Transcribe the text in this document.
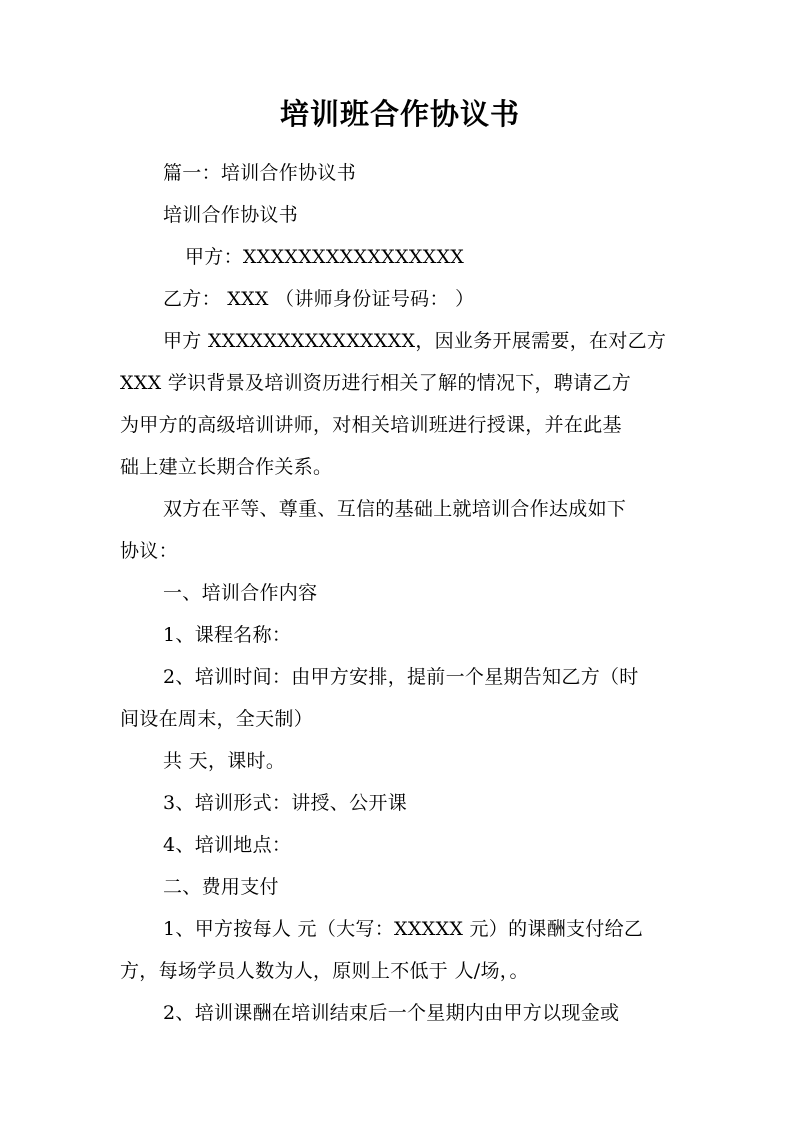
培训班合作协议书
篇一：培训合作协议书
培训合作协议书
甲方：XXXXXXXXXXXXXXXX
乙方： XXX （讲师身份证号码： ）
甲方 XXXXXXXXXXXXXXX，因业务开展需要，在对乙方
XXX 学识背景及培训资历进行相关了解的情况下，聘请乙方
为甲方的高级培训讲师，对相关培训班进行授课，并在此基
础上建立长期合作关系。
双方在平等、尊重、互信的基础上就培训合作达成如下
协议：
一、培训合作内容
1、课程名称：
2、培训时间：由甲方安排，提前一个星期告知乙方（时
间设在周末，全天制）
共 天，课时。
3、培训形式：讲授、公开课
4、培训地点：
二、费用支付
1、甲方按每人 元（大写：XXXXX 元）的课酬支付给乙
方，每场学员人数为人，原则上不低于 人/场，。
2、培训课酬在培训结束后一个星期内由甲方以现金或
